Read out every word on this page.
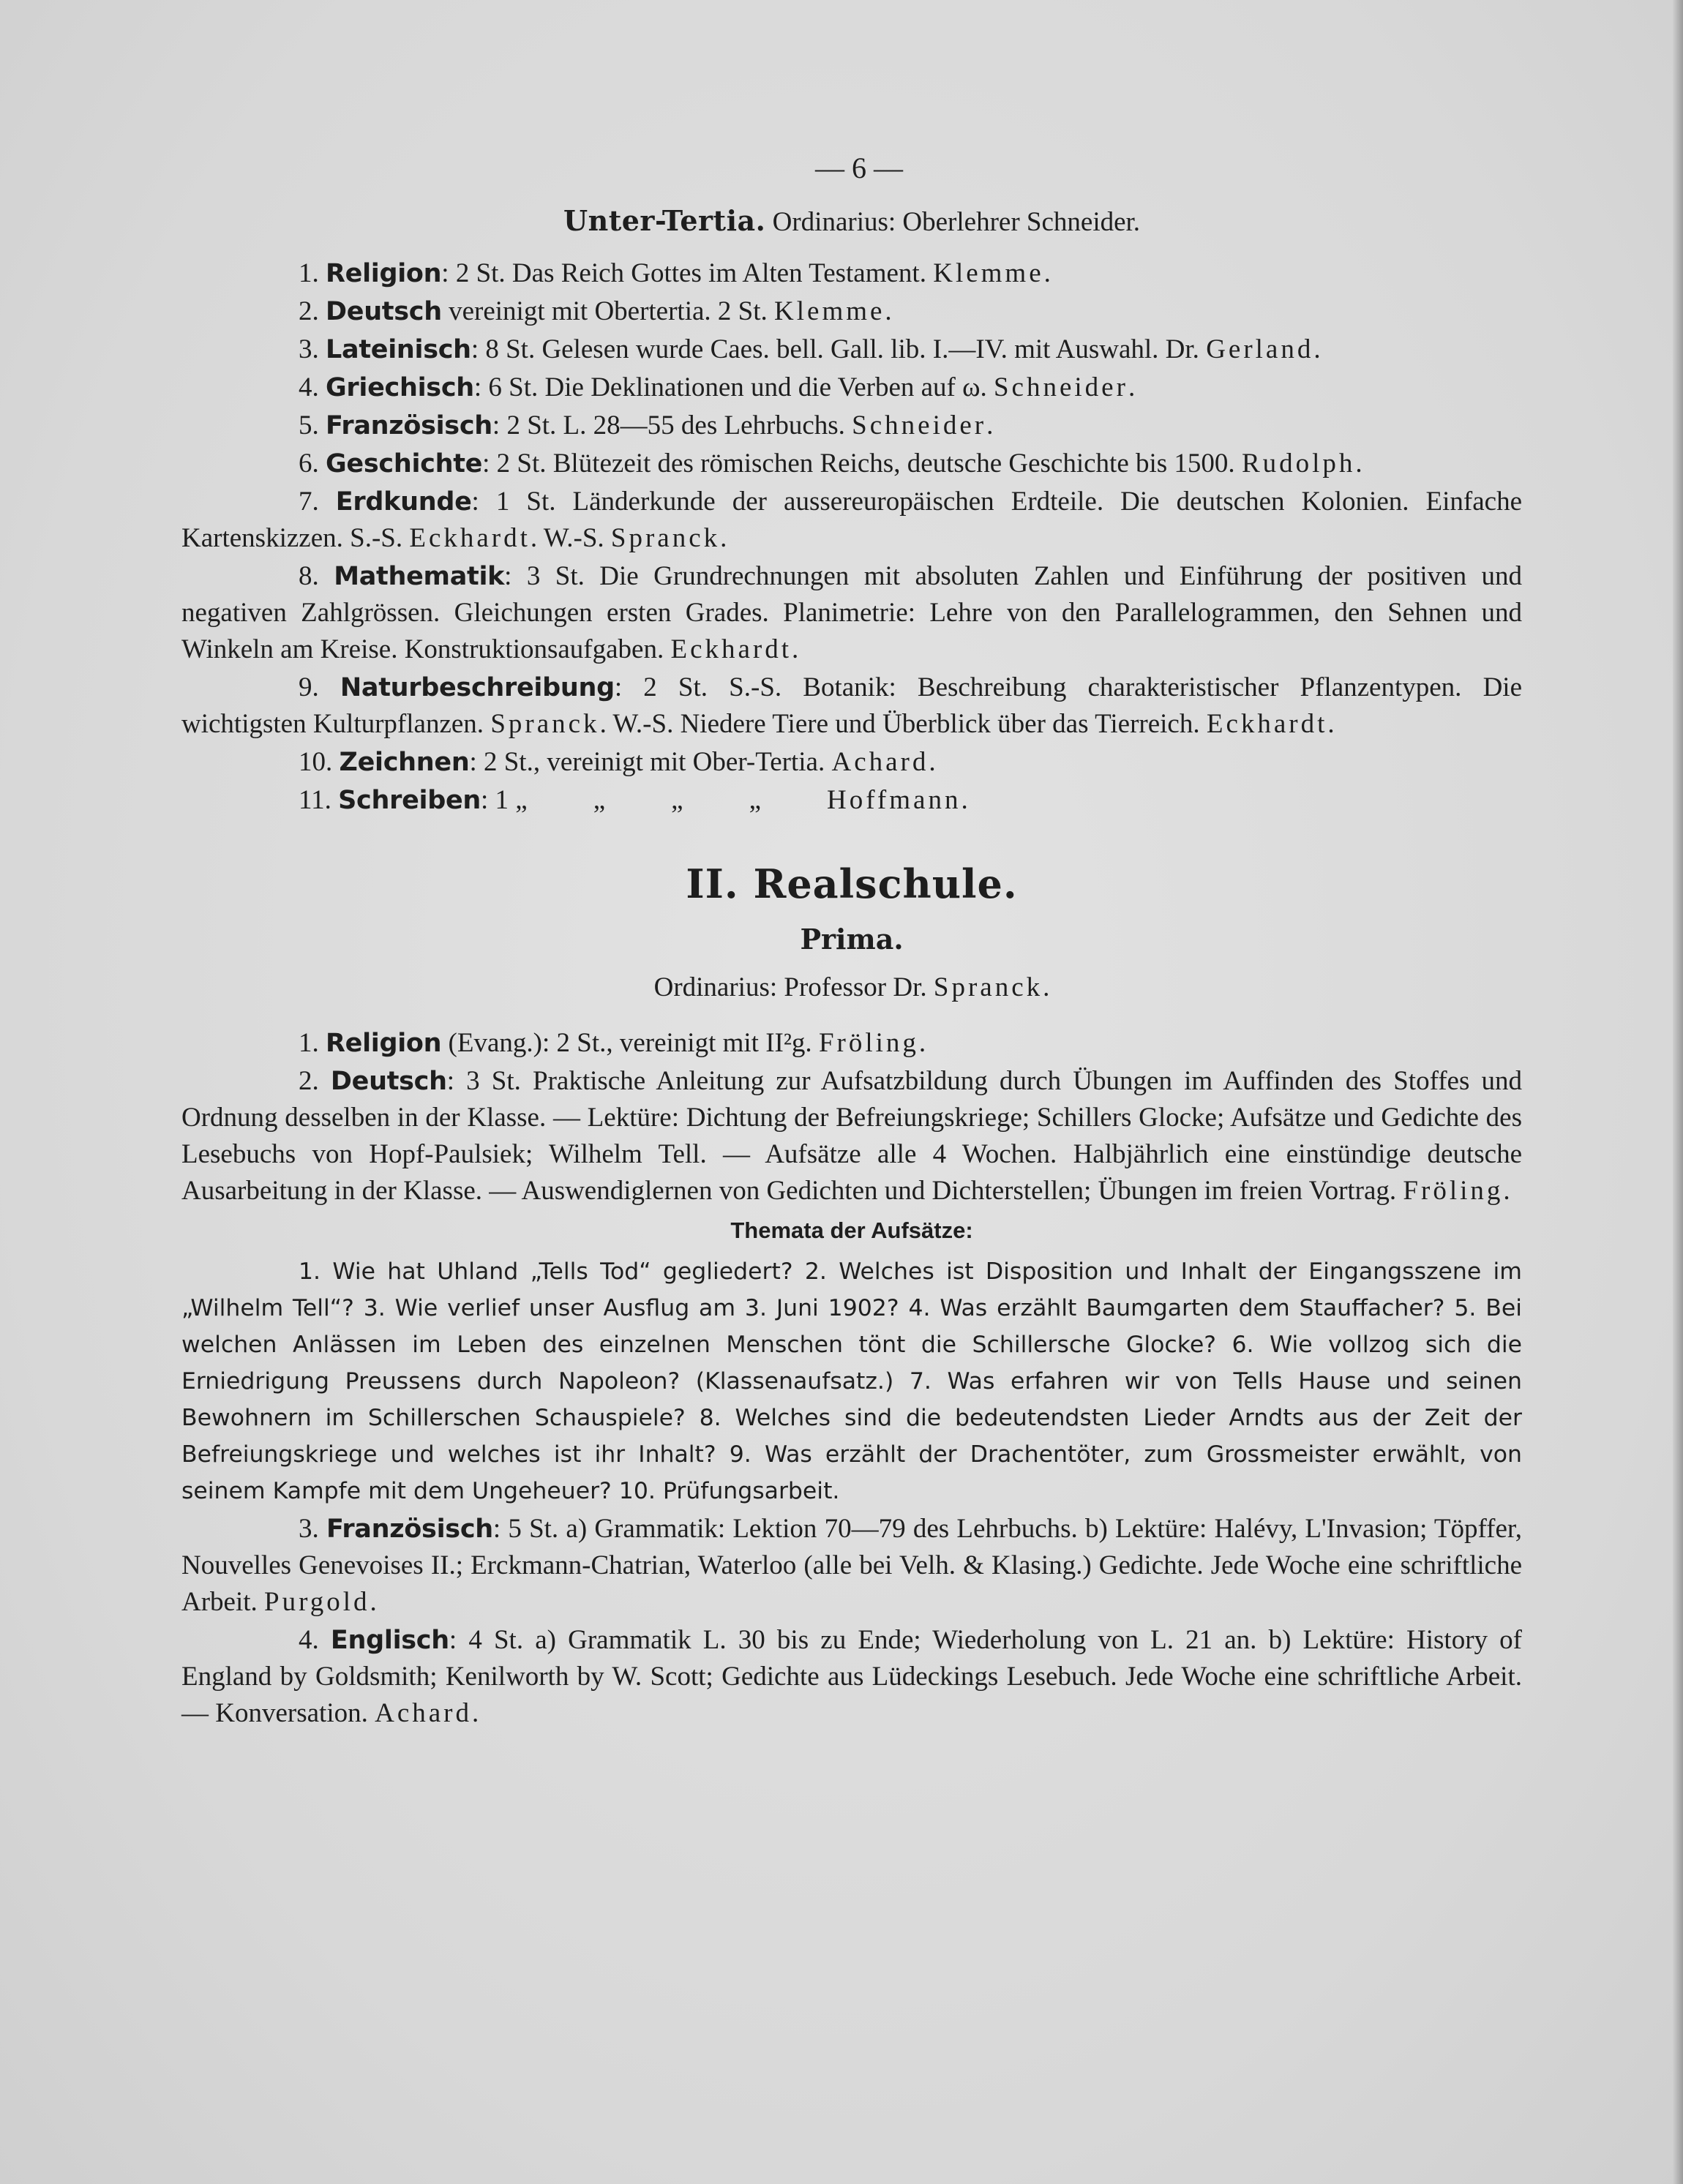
— 6 —
Unter-Tertia. Ordinarius: Oberlehrer Schneider.

1. Religion: 2 St. Das Reich Gottes im Alten Testament. Klemme.

2. Deutsch vereinigt mit Obertertia. 2 St. Klemme.

3. Lateinisch: 8 St. Gelesen wurde Caes. bell. Gall. lib. I.—IV. mit Auswahl. Dr. Gerland.

4. Griechisch: 6 St. Die Deklinationen und die Verben auf ω. Schneider.

5. Französisch: 2 St. L. 28—55 des Lehrbuchs. Schneider.

6. Geschichte: 2 St. Blütezeit des römischen Reichs, deutsche Geschichte bis 1500. Rudolph.

7. Erdkunde: 1 St. Länderkunde der aussereuropäischen Erdteile. Die deutschen Kolonien. Einfache Kartenskizzen. S.-S. Eckhardt. W.-S. Spranck.

8. Mathematik: 3 St. Die Grundrechnungen mit absoluten Zahlen und Einführung der positiven und negativen Zahlgrössen. Gleichungen ersten Grades. Planimetrie: Lehre von den Parallelogrammen, den Sehnen und Winkeln am Kreise. Konstruktionsaufgaben. Eckhardt.

9. Naturbeschreibung: 2 St. S.-S. Botanik: Beschreibung charakteristischer Pflanzentypen. Die wichtigsten Kulturpflanzen. Spranck. W.-S. Niedere Tiere und Überblick über das Tierreich. Eckhardt.

10. Zeichnen: 2 St., vereinigt mit Ober-Tertia. Achard.

11. Schreiben: 1 „ „ „ „ Hoffmann.

II. Realschule.
Prima.
Ordinarius: Professor Dr. Spranck.

1. Religion (Evang.): 2 St., vereinigt mit II²g. Fröling.

2. Deutsch: 3 St. Praktische Anleitung zur Aufsatzbildung durch Übungen im Auffinden des Stoffes und Ordnung desselben in der Klasse. — Lektüre: Dichtung der Befreiungskriege; Schillers Glocke; Aufsätze und Gedichte des Lesebuchs von Hopf-Paulsiek; Wilhelm Tell. — Aufsätze alle 4 Wochen. Halbjährlich eine einstündige deutsche Ausarbeitung in der Klasse. — Auswendiglernen von Gedichten und Dichterstellen; Übungen im freien Vortrag. Fröling.

Themata der Aufsätze:

1. Wie hat Uhland „Tells Tod“ gegliedert? 2. Welches ist Disposition und Inhalt der Eingangsszene im „Wilhelm Tell“? 3. Wie verlief unser Ausflug am 3. Juni 1902? 4. Was erzählt Baumgarten dem Stauffacher? 5. Bei welchen Anlässen im Leben des einzelnen Menschen tönt die Schillersche Glocke? 6. Wie vollzog sich die Erniedrigung Preussens durch Napoleon? (Klassenaufsatz.) 7. Was erfahren wir von Tells Hause und seinen Bewohnern im Schillerschen Schauspiele? 8. Welches sind die bedeutendsten Lieder Arndts aus der Zeit der Befreiungskriege und welches ist ihr Inhalt? 9. Was erzählt der Drachentöter, zum Grossmeister erwählt, von seinem Kampfe mit dem Ungeheuer? 10. Prüfungsarbeit.

3. Französisch: 5 St. a) Grammatik: Lektion 70—79 des Lehrbuchs. b) Lektüre: Halévy, L'Invasion; Töpffer, Nouvelles Genevoises II.; Erckmann-Chatrian, Waterloo (alle bei Velh. & Klasing.) Gedichte. Jede Woche eine schriftliche Arbeit. Purgold.

4. Englisch: 4 St. a) Grammatik L. 30 bis zu Ende; Wiederholung von L. 21 an. b) Lektüre: History of England by Goldsmith; Kenilworth by W. Scott; Gedichte aus Lüdeckings Lesebuch. Jede Woche eine schriftliche Arbeit. — Konversation. Achard.
